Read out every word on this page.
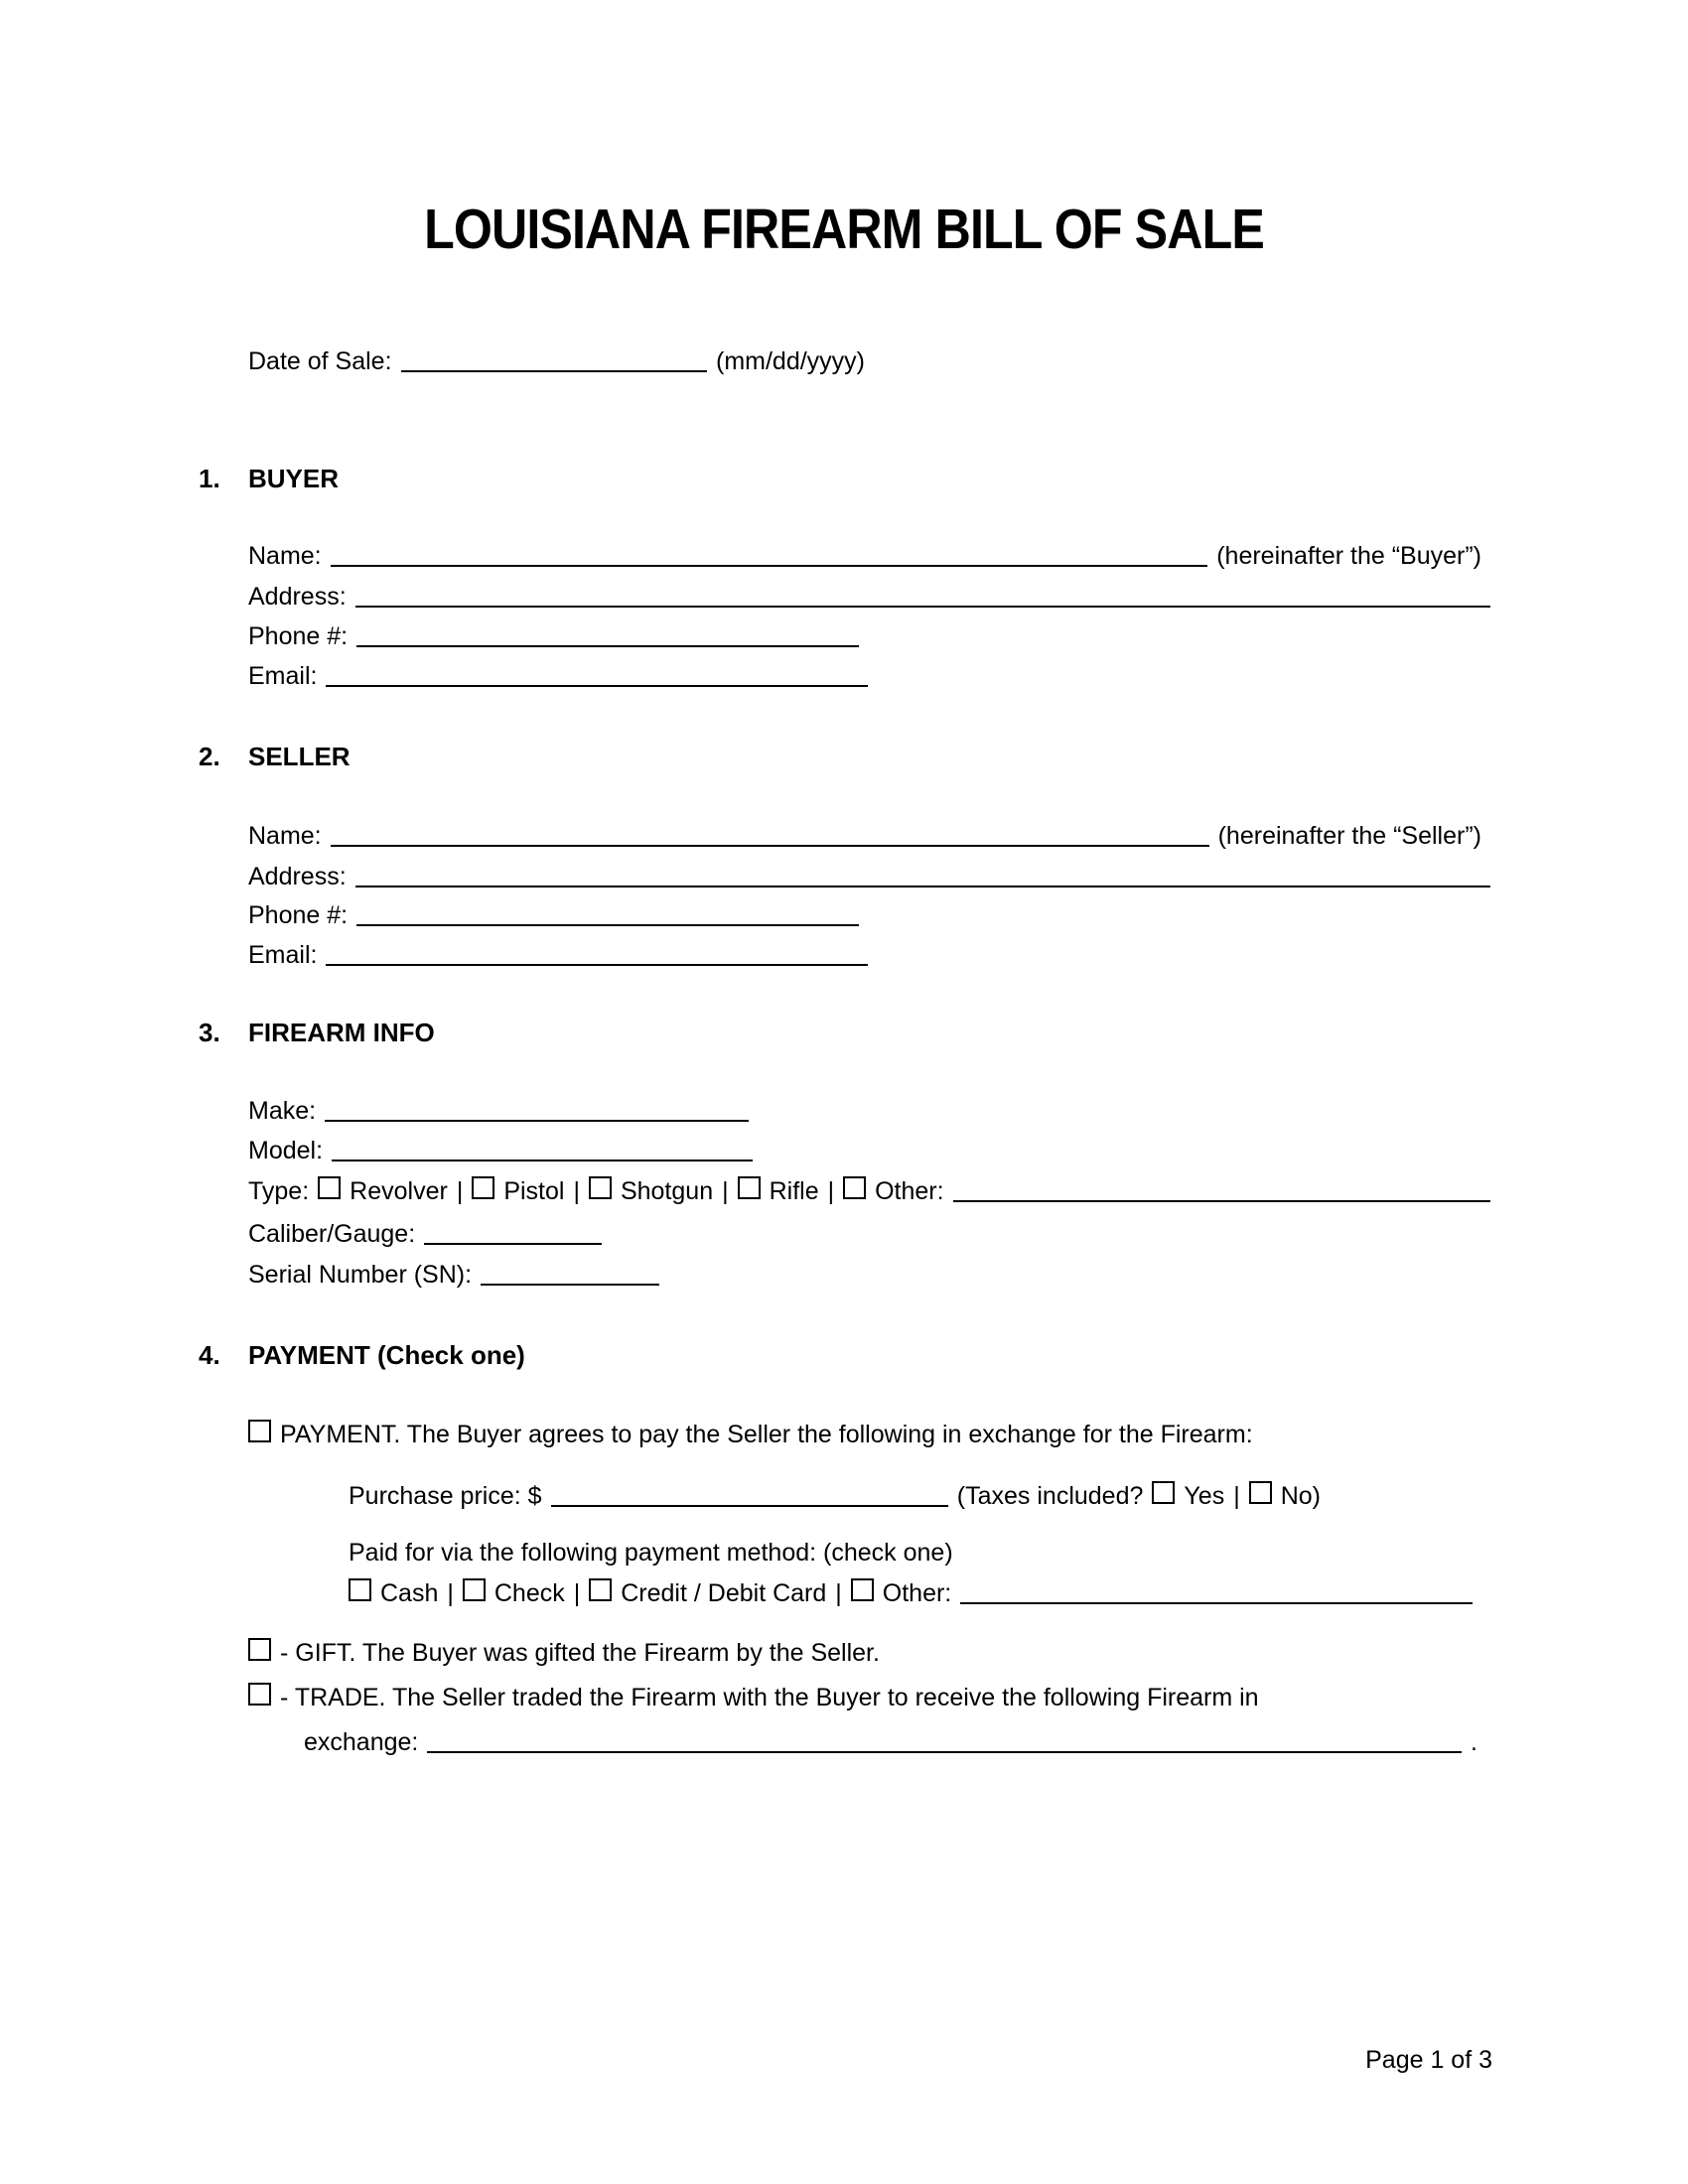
LOUISIANA FIREARM BILL OF SALE
Date of Sale:	(mm/dd/yyyy)
1.	BUYER
Name:	(hereinafter the “Buyer”)
Address:
Phone #:
Email:
2.	SELLER
Name:	(hereinafter the “Seller”)
Address:
Phone #:
Email:
3.	FIREARM INFO
Make:
Model:
Type: Revolver | Pistol | Shotgun | Rifle | Other:
Caliber/Gauge:
Serial Number (SN):
4.	PAYMENT (Check one)
PAYMENT. The Buyer agrees to pay the Seller the following in exchange for the Firearm:
Purchase price: $	(Taxes included? Yes | No)
Paid for via the following payment method: (check one)
Cash | Check | Credit / Debit Card | Other:
- GIFT. The Buyer was gifted the Firearm by the Seller.
- TRADE. The Seller traded the Firearm with the Buyer to receive the following Firearm in
exchange:	.
Page 1 of 3
